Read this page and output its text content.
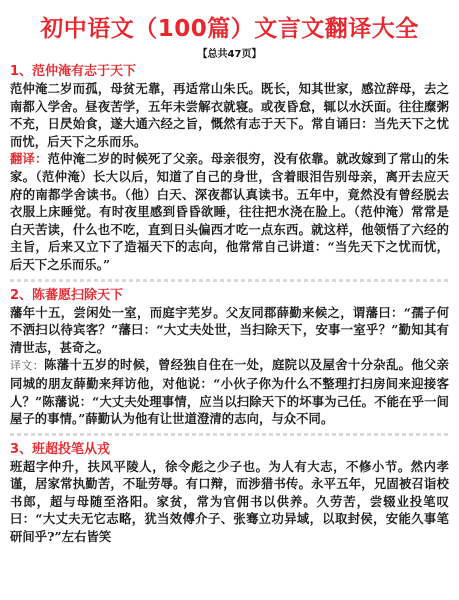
初中语文（100篇）文言文翻译大全
【总共47页】
1、范仲淹有志于天下
范仲淹二岁而孤，母贫无靠，再适常山朱氏。既长，知其世家，感泣辞母，去之南都入学舍。昼夜苦学，五年未尝解衣就寝。或夜昏怠，辄以水沃面。往往糜粥不充，日昃始食，遂大通六经之旨，慨然有志于天下。常自诵曰：当先天下之忧而忧，后天下之乐而乐。
翻译：范仲淹二岁的时候死了父亲。母亲很穷，没有依靠。就改嫁到了常山的朱家。（范仲淹）长大以后，知道了自己的身世，含着眼泪告别母亲，离开去应天府的南都学舍读书。（他）白天、深夜都认真读书。五年中，竟然没有曾经脱去衣服上床睡觉。有时夜里感到昏昏欲睡，往往把水浇在脸上。（范仲淹）常常是白天苦读，什么也不吃，直到日头偏西才吃一点东西。就这样，他领悟了六经的主旨，后来又立下了造福天下的志向，他常常自己讲道：“当先天下之忧而忧，后天下之乐而乐。”
2、陈蕃愿扫除天下
藩年十五，尝闲处一室，而庭宇芜岁。父友同郡薛勤来候之，谓藩曰：“孺子何不洒扫以待宾客？”藩曰：“大丈夫处世，当扫除天下，安事一室乎？”勤知其有清世志，甚奇之。
译文：陈藩十五岁的时候，曾经独自住在一处，庭院以及屋舍十分杂乱。他父亲同城的朋友薛勤来拜访他，对他说：“小伙子你为什么不整理打扫房间来迎接客人？”陈藩说：“大丈夫处理事情，应当以扫除天下的坏事为己任。不能在乎一间屋子的事情。”薛勤认为他有让世道澄清的志向，与众不同。
3、班超投笔从戎
班超字仲升，扶风平陵人，徐令彪之少子也。为人有大志，不修小节。然内孝谨，居家常执勤苦，不耻劳辱。有口辩，而涉猎书传。永平五年，兄固被召诣校书郎，超与母随至洛阳。家贫，常为官佣书以供养。久劳苦，尝辍业投笔叹曰：“大丈夫无它志略，犹当效傅介子、张骞立功异域，以取封侯，安能久事笔研间乎?”左右皆笑
